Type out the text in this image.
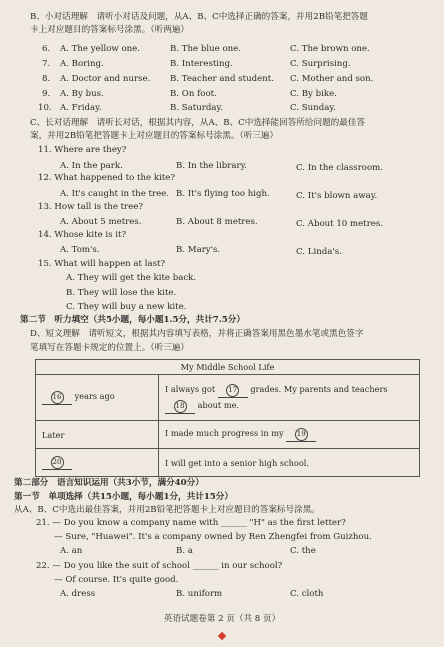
B、小对话理解　请听小对话及问题，从A、B、C中选择正确的答案，并用2B铅笔把答题
卡上对应题目的答案标号涂黑。（听两遍）
6. A. The yellow one.	B. The blue one.	C. The brown one.
7. A. Boring.	B. Interesting.	C. Surprising.
8. A. Doctor and nurse. B. Teacher and student. C. Mother and son.
9. A. By bus.	B. On foot.	C. By bike.
10. A. Friday.	B. Saturday.	C. Sunday.
C、长对话理解　请听长对话，根据其内容，从A、B、C中选择能回答所给问题的最佳答
案，并用2B铅笔把答题卡上对应题目的答案标号涂黑。（听三遍）
11. Where are they?
A. In the park.	B. In the library.	C. In the classroom.
12. What happened to the kite?
A. It's caught in the tree. B. It's flying too high.	C. It's blown away.
13. How tall is the tree?
A. About 5 metres.	B. About 8 metres.	C. About 10 metres.
14. Whose kite is it?
A. Tom's.	B. Mary's.	C. Linda's.
15. What will happen at last?
A. They will get the kite back.
B. They will lose the kite.
C. They will buy a new kite.
第二节　听力填空（共5小题，每小题1.5分，共计7.5分）
D、短文理解　请听短文，根据其内容填写表格，并将正确答案用黑色墨水笔或黑色签字
笔填写在答题卡规定的位置上。（听三遍）
My Middle School Life	
16 years ago	I always got 17 grades. My parents and teachers
18 about me.
Later	I made much progress in my 19
20	I will get into a senior high school.
第二部分　语言知识运用（共3小节，满分40分）
第一节　单项选择（共15小题，每小题1分，共计15分）
从A、B、C中选出最佳答案，并用2B铅笔把答题卡上对应题目的答案标号涂黑。
21. — Do you know a company name with ______ "H" as the first letter?
— Sure, "Huawei". It's a company owned by Ren Zhengfei from Guizhou.
A. an	B. a	C. the
22. — Do you like the suit of school ______ in our school?
— Of course. It's quite good.
A. dress	B. uniform	C. cloth
英语试题卷第 2 页（共 8 页）
